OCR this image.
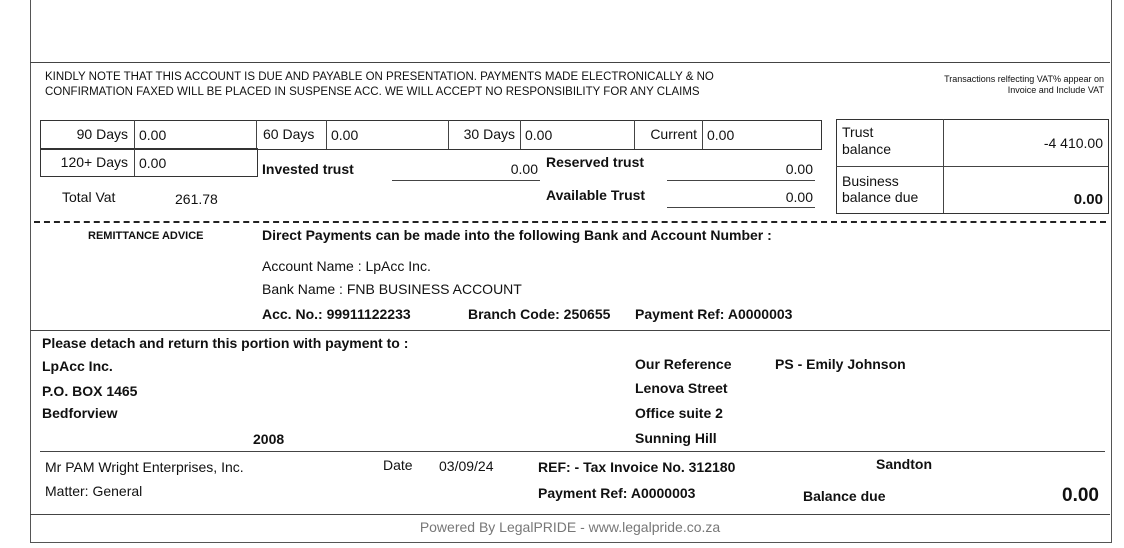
KINDLY NOTE THAT THIS ACCOUNT IS DUE AND PAYABLE ON PRESENTATION. PAYMENTS MADE ELECTRONICALLY & NO
CONFIRMATION FAXED WILL BE PLACED IN SUSPENSE ACC. WE WILL ACCEPT NO RESPONSIBILITY FOR ANY CLAIMS
Transactions relfecting VAT% appear on
Invoice and Include VAT
90 Days 0.00	60 Days 0.00	30 Days 0.00	Current 0.00
120+ Days 0.00	Invested trust	0.00 Reserved trust	0.00
Available Trust	0.00
Total Vat	261.78
Trust
balance	-4 410.00
Business
balance due	0.00
REMITTANCE ADVICE	Direct Payments can be made into the following Bank and Account Number :
Account Name : LpAcc Inc.
Bank Name : FNB BUSINESS ACCOUNT
Acc. No.: 99911122233	Branch Code: 250655 Payment Ref: A0000003
Please detach and return this portion with payment to :
LpAcc Inc.
P.O. BOX 1465
Bedforview
2008
Our Reference	PS - Emily Johnson
Lenova Street
Office suite 2
Sunning Hill
Mr PAM Wright Enterprises, Inc.
Matter: General
Date 03/09/24	REF: - Tax Invoice No. 312180
Payment Ref: A0000003
Sandton
Balance due	0.00
Powered By LegalPRIDE - www.legalpride.co.za
